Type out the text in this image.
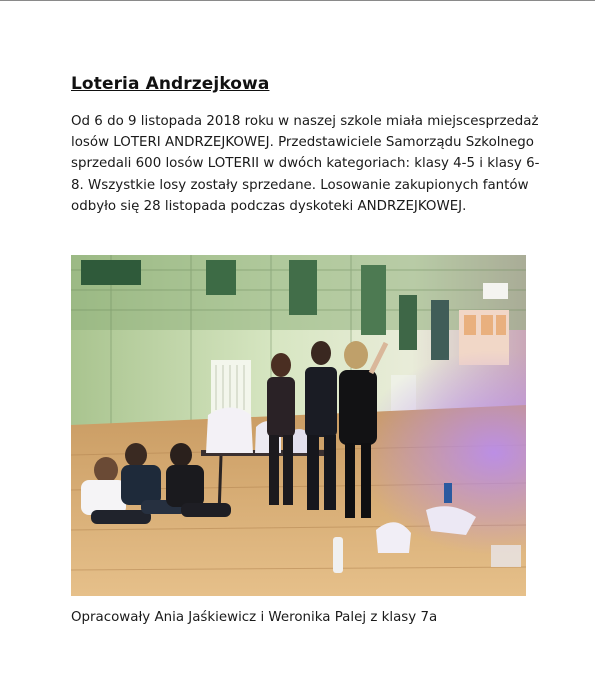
Loteria Andrzejkowa

Od 6 do 9 listopada 2018 roku w naszej szkole miała miejscesprzedaż losów LOTERI ANDRZEJKOWEJ. Przedstawiciele Samorządu Szkolnego sprzedali 600 losów LOTERII w dwóch kategoriach: klasy 4-5 i klasy 6-8. Wszystkie losy zostały sprzedane. Losowanie zakupionych fantów odbyło się 28 listopada podczas dyskoteki ANDRZEJKOWEJ.

Opracowały Ania Jaśkiewicz i Weronika Palej z klasy 7a
